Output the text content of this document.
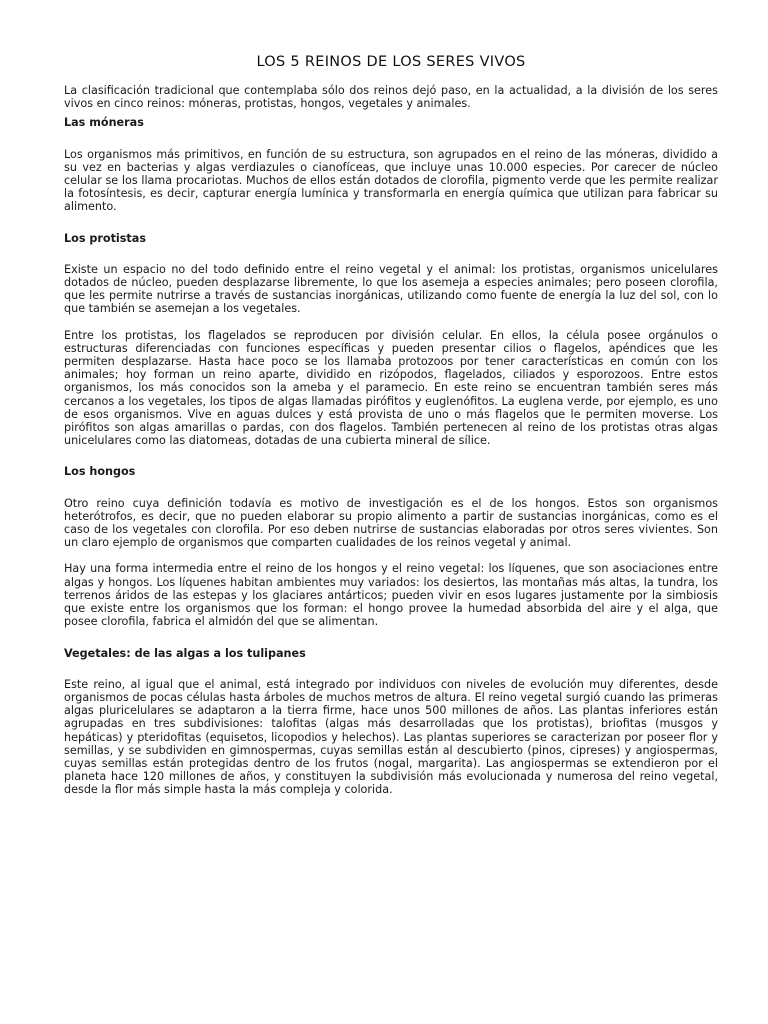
LOS 5 REINOS DE LOS SERES VIVOS

La clasificación tradicional que contemplaba sólo dos reinos dejó paso, en la actualidad, a la división de los seres vivos en cinco reinos: móneras, protistas, hongos, vegetales y animales.

Las móneras

Los organismos más primitivos, en función de su estructura, son agrupados en el reino de las móneras, dividido a su vez en bacterias y algas verdiazules o cianofíceas, que incluye unas 10.000 especies. Por carecer de núcleo celular se los llama procariotas. Muchos de ellos están dotados de clorofila, pigmento verde que les permite realizar la fotosíntesis, es decir, capturar energía lumínica y transformarla en energía química que utilizan para fabricar su alimento.

Los protistas

Existe un espacio no del todo definido entre el reino vegetal y el animal: los protistas, organismos unicelulares dotados de núcleo, pueden desplazarse libremente, lo que los asemeja a especies animales; pero poseen clorofila, que les permite nutrirse a través de sustancias inorgánicas, utilizando como fuente de energía la luz del sol, con lo que también se asemejan a los vegetales.

Entre los protistas, los flagelados se reproducen por división celular. En ellos, la célula posee orgánulos o estructuras diferenciadas con funciones específicas y pueden presentar cilios o flagelos, apéndices que les permiten desplazarse. Hasta hace poco se los llamaba protozoos por tener características en común con los animales; hoy forman un reino aparte, dividido en rizópodos, flagelados, ciliados y esporozoos. Entre estos organismos, los más conocidos son la ameba y el paramecio. En este reino se encuentran también seres más cercanos a los vegetales, los tipos de algas llamadas pirófitos y euglenófitos. La euglena verde, por ejemplo, es uno de esos organismos. Vive en aguas dulces y está provista de uno o más flagelos que le permiten moverse. Los pirófitos son algas amarillas o pardas, con dos flagelos. También pertenecen al reino de los protistas otras algas unicelulares como las diatomeas, dotadas de una cubierta mineral de sílice.

Los hongos

Otro reino cuya definición todavía es motivo de investigación es el de los hongos. Estos son organismos heterótrofos, es decir, que no pueden elaborar su propio alimento a partir de sustancias inorgánicas, como es el caso de los vegetales con clorofila. Por eso deben nutrirse de sustancias elaboradas por otros seres vivientes. Son un claro ejemplo de organismos que comparten cualidades de los reinos vegetal y animal.

Hay una forma intermedia entre el reino de los hongos y el reino vegetal: los líquenes, que son asociaciones entre algas y hongos. Los líquenes habitan ambientes muy variados: los desiertos, las montañas más altas, la tundra, los terrenos áridos de las estepas y los glaciares antárticos; pueden vivir en esos lugares justamente por la simbiosis que existe entre los organismos que los forman: el hongo provee la humedad absorbida del aire y el alga, que posee clorofila, fabrica el almidón del que se alimentan.

Vegetales: de las algas a los tulipanes

Este reino, al igual que el animal, está integrado por individuos con niveles de evolución muy diferentes, desde organismos de pocas células hasta árboles de muchos metros de altura. El reino vegetal surgió cuando las primeras algas pluricelulares se adaptaron a la tierra firme, hace unos 500 millones de años. Las plantas inferiores están agrupadas en tres subdivisiones: talofitas (algas más desarrolladas que los protistas), briofitas (musgos y hepáticas) y pteridofitas (equisetos, licopodios y helechos). Las plantas superiores se caracterizan por poseer flor y semillas, y se subdividen en gimnospermas, cuyas semillas están al descubierto (pinos, cipreses) y angiospermas, cuyas semillas están protegidas dentro de los frutos (nogal, margarita). Las angiospermas se extendieron por el planeta hace 120 millones de años, y constituyen la subdivisión más evolucionada y numerosa del reino vegetal, desde la flor más simple hasta la más compleja y colorida.
